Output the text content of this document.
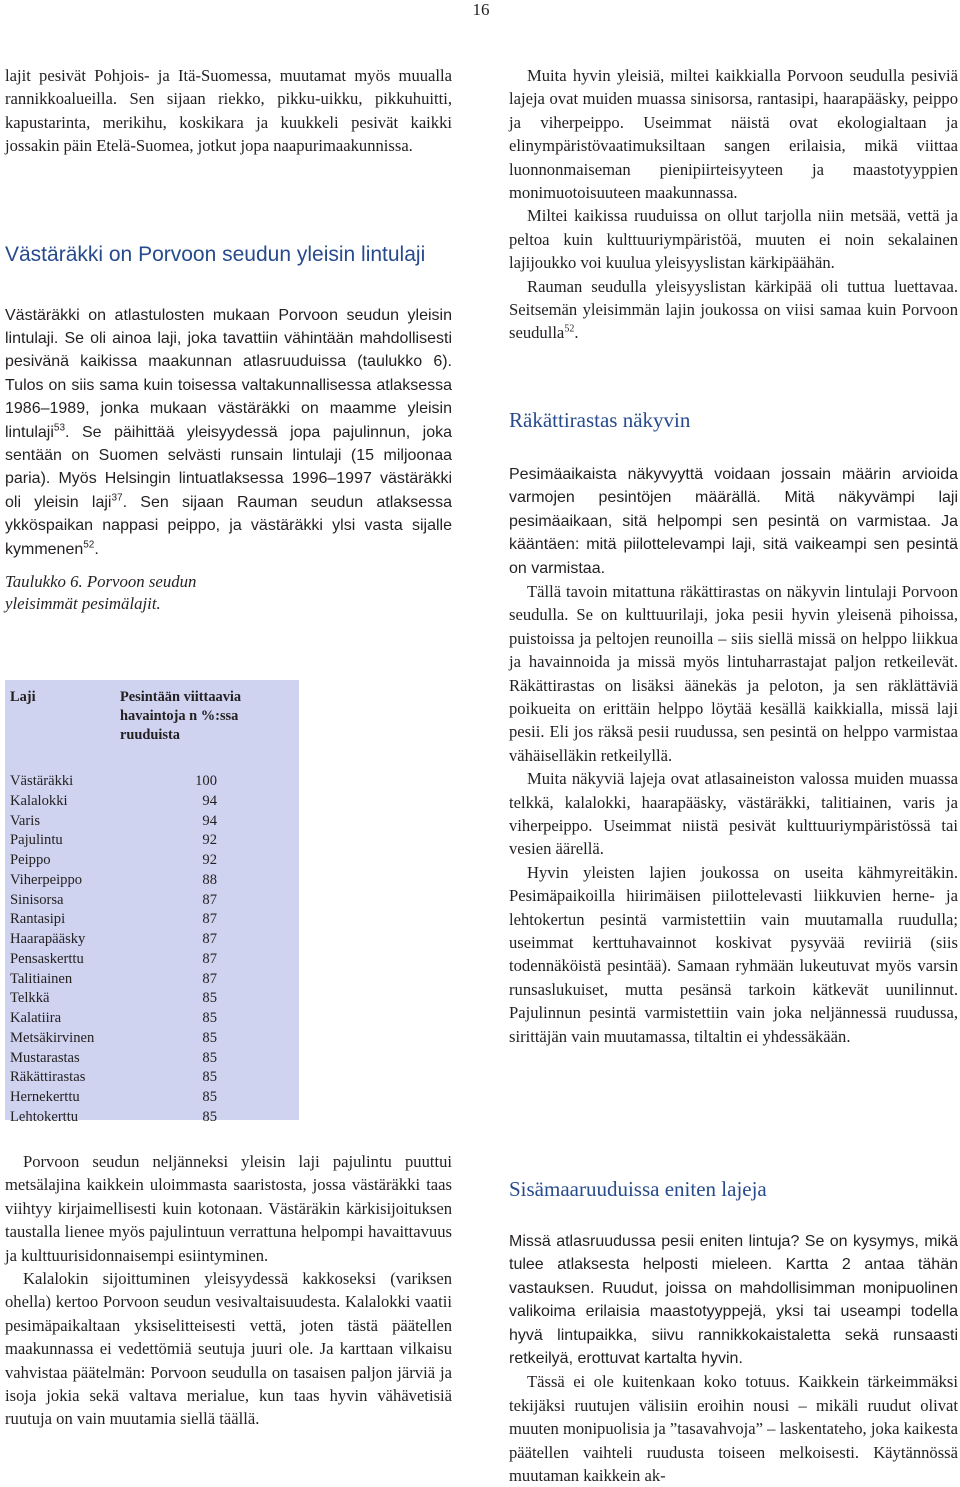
16

lajit pesivät Pohjois- ja Itä-Suomessa, muutamat myös muualla rannikkoalueilla. Sen sijaan riekko, pikku-uikku, pikkuhuitti, kapustarinta, merikihu, koskikara ja kuukkeli pesivät kaikki jossakin päin Etelä-Suomea, jotkut jopa naapurimaakunnissa.

Västäräkki on Porvoon seudun yleisin lintulaji

Västäräkki on atlastulosten mukaan Porvoon seudun yleisin lintulaji. Se oli ainoa laji, joka tavattiin vähintään mahdollisesti pesivänä kaikissa maakunnan atlasruuduissa (taulukko 6). Tulos on siis sama kuin toisessa valtakunnallisessa atlaksessa 1986–1989, jonka mukaan västäräkki on maamme yleisin lintulaji$^{53}$. Se päihittää yleisyydessä jopa pajulinnun, joka sentään on Suomen selvästi runsain lintulaji (15 miljoonaa paria). Myös Helsingin lintuatlaksessa 1996–1997 västäräkki oli yleisin laji$^{37}$. Sen sijaan Rauman seudun atlaksessa ykköspaikan nappasi peippo, ja västäräkki ylsi vasta sijalle kymmenen$^{52}$.

Taulukko 6. Porvoon seudun
yleisimmät pesimälajit.
Laji	Pesintään viittaavia
havaintoja n %:ssa
ruuduista
Västäräkki	100
Kalalokki	94
Varis	94
Pajulintu	92
Peippo	92
Viherpeippo	88
Sinisorsa	87
Rantasipi	87
Haarapääsky	87
Pensaskerttu	87
Talitiainen	87
Telkkä	85
Kalatiira	85
Metsäkirvinen	85
Mustarastas	85
Räkättirastas	85
Hernekerttu	85
Lehtokerttu	85

Porvoon seudun neljänneksi yleisin laji pajulintu puuttui metsälajina kaikkein uloimmasta saaristosta, jossa västäräkki taas viihtyy kirjaimellisesti kuin kotonaan. Västäräkin kärkisijoituksen taustalla lienee myös pajulintuun verrattuna helpompi havaittavuus ja kulttuurisidonnaisempi esiintyminen.

Kalalokin sijoittuminen yleisyydessä kakkoseksi (variksen ohella) kertoo Porvoon seudun vesivaltaisuudesta. Kalalokki vaatii pesimäpaikaltaan yksiselitteisesti vettä, joten tästä päätellen maakunnassa ei vedettömiä seutuja juuri ole. Ja karttaan vilkaisu vahvistaa päätelmän: Porvoon seudulla on tasaisen paljon järviä ja isoja jokia sekä valtava merialue, kun taas hyvin vähävetisiä ruutuja on vain muutamia siellä täällä.

Muita hyvin yleisiä, miltei kaikkialla Porvoon seudulla pesiviä lajeja ovat muiden muassa sinisorsa, rantasipi, haarapääsky, peippo ja viherpeippo. Useimmat näistä ovat ekologialtaan ja elinympäristövaatimuksiltaan sangen erilaisia, mikä viittaa luonnonmaiseman pienipiirteisyyteen ja maastotyyppien monimuotoisuuteen maakunnassa.

Miltei kaikissa ruuduissa on ollut tarjolla niin metsää, vettä ja peltoa kuin kulttuuriympäristöä, muuten ei noin sekalainen lajijoukko voi kuulua yleisyyslistan kärkipäähän.

Rauman seudulla yleisyyslistan kärkipää oli tuttua luettavaa. Seitsemän yleisimmän lajin joukossa on viisi samaa kuin Porvoon seudulla$^{52}$.

Räkättirastas näkyvin

Pesimäaikaista näkyvyyttä voidaan jossain määrin arvioida varmojen pesintöjen määrällä. Mitä näkyvämpi laji pesimäaikaan, sitä helpompi sen pesintä on varmistaa. Ja kääntäen: mitä piilottelevampi laji, sitä vaikeampi sen pesintä on varmistaa.

Tällä tavoin mitattuna räkättirastas on näkyvin lintulaji Porvoon seudulla. Se on kulttuurilaji, joka pesii hyvin yleisenä pihoissa, puistoissa ja peltojen reunoilla – siis siellä missä on helppo liikkua ja havainnoida ja missä myös lintuharrastajat paljon retkeilevät. Räkättirastas on lisäksi äänekäs ja peloton, ja sen räklättäviä poikueita on erittäin helppo löytää kesällä kaikkialla, missä laji pesii. Eli jos räksä pesii ruudussa, sen pesintä on helppo varmistaa vähäiselläkin retkeilyllä.

Muita näkyviä lajeja ovat atlasaineiston valossa muiden muassa telkkä, kalalokki, haarapääsky, västäräkki, talitiainen, varis ja viherpeippo. Useimmat niistä pesivät kulttuuriympäristössä tai vesien äärellä.

Hyvin yleisten lajien joukossa on useita kähmyreitäkin. Pesimäpaikoilla hiirimäisen piilottelevasti liikkuvien herne- ja lehtokertun pesintä varmistettiin vain muutamalla ruudulla; useimmat kerttuhavainnot koskivat pysyvää reviiriä (siis todennäköistä pesintää). Samaan ryhmään lukeutuvat myös varsin runsaslukuiset, mutta pesänsä tarkoin kätkevät uunilinnut. Pajulinnun pesintä varmistettiin vain joka neljännessä ruudussa, sirittäjän vain muutamassa, tiltaltin ei yhdessäkään.

Sisämaaruuduissa eniten lajeja

Missä atlasruudussa pesii eniten lintuja? Se on kysymys, mikä tulee atlaksesta helposti mieleen. Kartta 2 antaa tähän vastauksen. Ruudut, joissa on mahdollisimman monipuolinen valikoima erilaisia maastotyyppejä, yksi tai useampi todella hyvä lintupaikka, siivu rannikkokaistaletta sekä runsaasti retkeilyä, erottuvat kartalta hyvin.

Tässä ei ole kuitenkaan koko totuus. Kaikkein tärkeimmäksi tekijäksi ruutujen välisiin eroihin nousi – mikäli ruudut olivat muuten monipuolisia ja ”tasavahvoja” – laskentateho, joka kaikesta päätellen vaihteli ruudusta toiseen melkoisesti. Käytännössä muutaman kaikkein ak-
